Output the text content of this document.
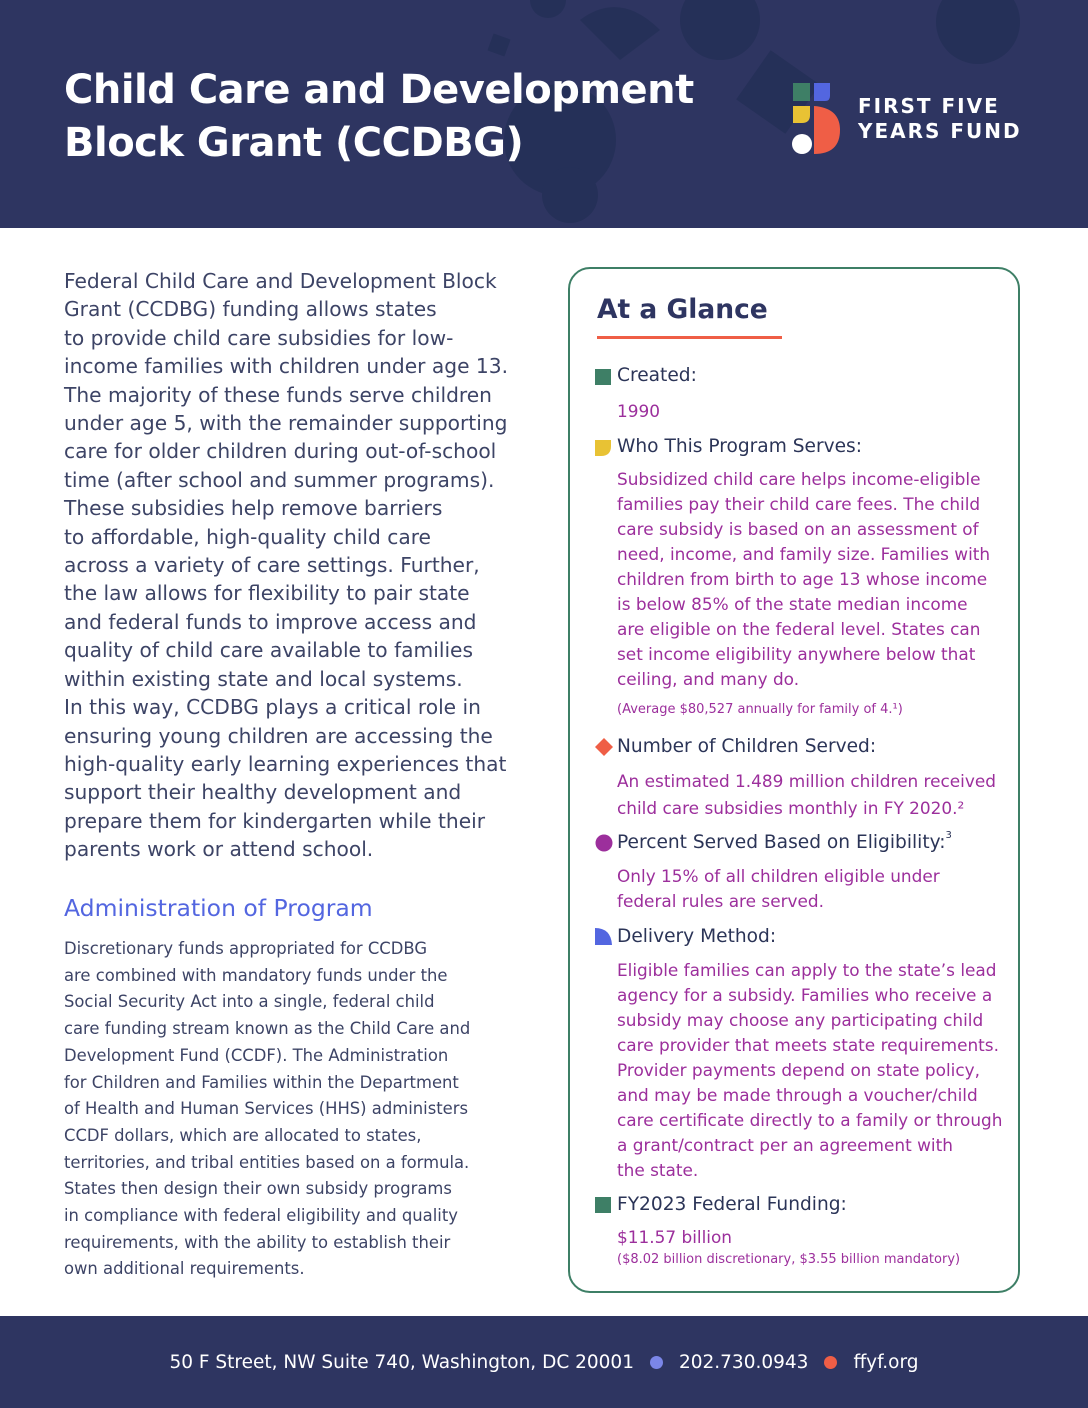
Child Care and Development
Block Grant (CCDBG)
FIRST FIVE
YEARS FUND
Federal Child Care and Development Block
Grant (CCDBG) funding allows states
to provide child care subsidies for low-
income families with children under age 13.
The majority of these funds serve children
under age 5, with the remainder supporting
care for older children during out-of-school
time (after school and summer programs).
These subsidies help remove barriers
to affordable, high-quality child care
across a variety of care settings. Further,
the law allows for flexibility to pair state
and federal funds to improve access and
quality of child care available to families
within existing state and local systems.
In this way, CCDBG plays a critical role in
ensuring young children are accessing the
high-quality early learning experiences that
support their healthy development and
prepare them for kindergarten while their
parents work or attend school.
Administration of Program
Discretionary funds appropriated for CCDBG
are combined with mandatory funds under the
Social Security Act into a single, federal child
care funding stream known as the Child Care and
Development Fund (CCDF). The Administration
for Children and Families within the Department
of Health and Human Services (HHS) administers
CCDF dollars, which are allocated to states,
territories, and tribal entities based on a formula.
States then design their own subsidy programs
in compliance with federal eligibility and quality
requirements, with the ability to establish their
own additional requirements.
At a Glance
Created:
1990
Who This Program Serves:
Subsidized child care helps income-eligible
families pay their child care fees. The child
care subsidy is based on an assessment of
need, income, and family size. Families with
children from birth to age 13 whose income
is below 85% of the state median income
are eligible on the federal level. States can
set income eligibility anywhere below that
ceiling, and many do.
(Average $80,527 annually for family of 4.¹)
Number of Children Served:
An estimated 1.489 million children received
child care subsidies monthly in FY 2020.²
Percent Served Based on Eligibility:$^3$
Only 15% of all children eligible under
federal rules are served.
Delivery Method:
Eligible families can apply to the state’s lead
agency for a subsidy. Families who receive a
subsidy may choose any participating child
care provider that meets state requirements.
Provider payments depend on state policy,
and may be made through a voucher/child
care certificate directly to a family or through
a grant/contract per an agreement with
the state.
FY2023 Federal Funding:
$11.57 billion
($8.02 billion discretionary, $3.55 billion mandatory)
50 F Street, NW Suite 740, Washington, DC 20001 202.730.0943 ffyf.org
